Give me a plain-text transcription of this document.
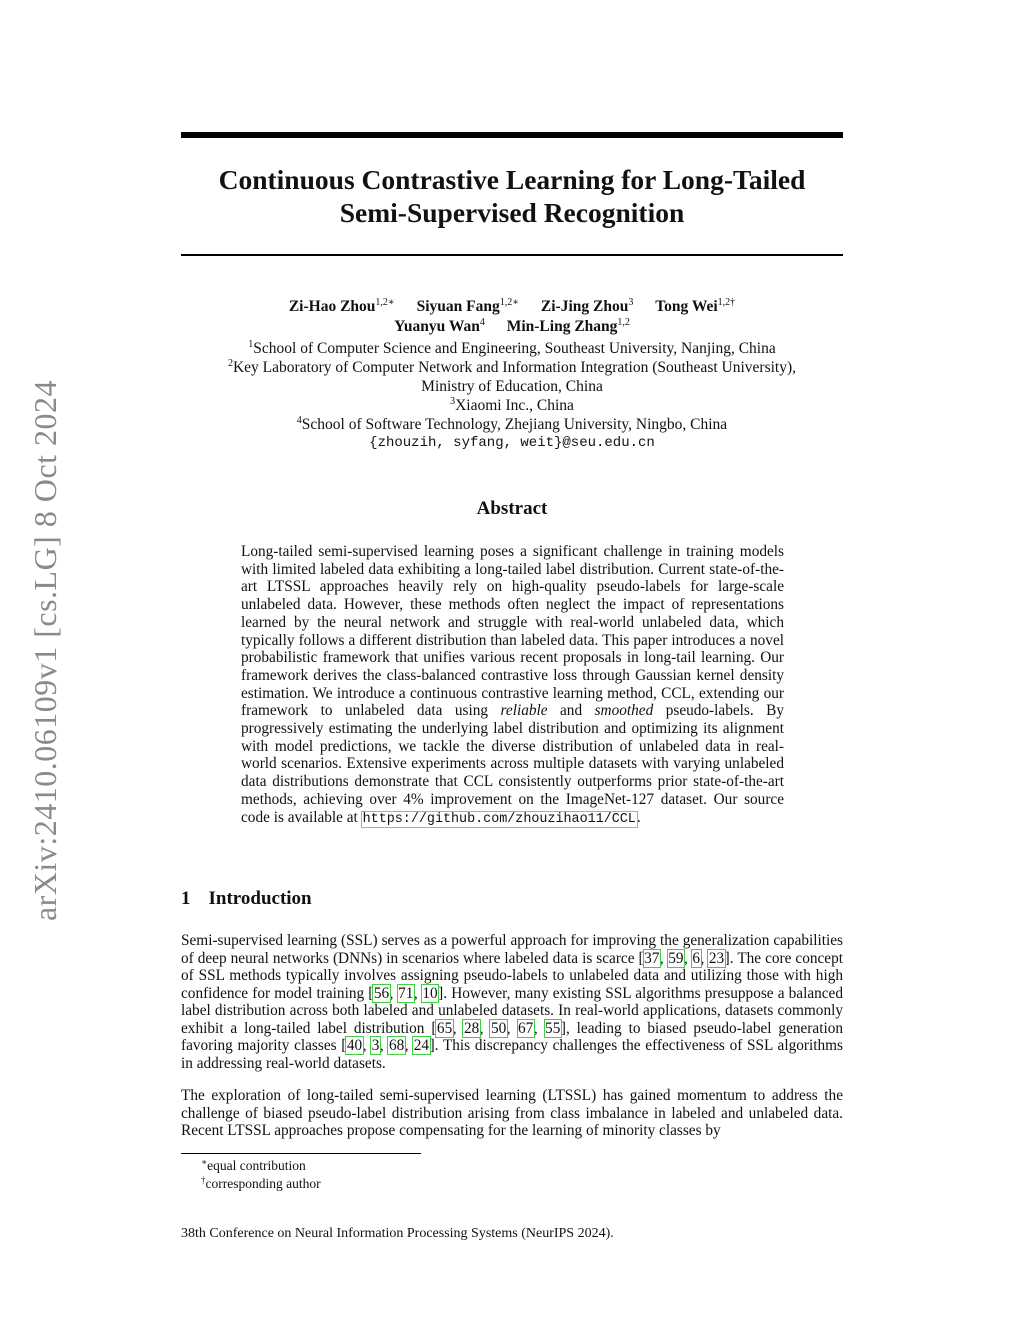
arXiv:2410.06109v1 [cs.LG] 8 Oct 2024
Continuous Contrastive Learning for Long-Tailed
Semi-Supervised Recognition
Zi-Hao Zhou$^{1,2∗}$ Siyuan Fang$^{1,2∗}$ Zi-Jing Zhou$^3$ Tong Wei$^{1,2\dagger}$
Yuanyu Wan$^4$ Min-Ling Zhang$^{1,2}$
$^1$School of Computer Science and Engineering, Southeast University, Nanjing, China
$^2$Key Laboratory of Computer Network and Information Integration (Southeast University),
Ministry of Education, China
$^3$Xiaomi Inc., China
$^4$School of Software Technology, Zhejiang University, Ningbo, China
{zhouzih, syfang, weit}@seu.edu.cn
Abstract
Long-tailed semi-supervised learning poses a significant challenge in training models with limited labeled data exhibiting a long-tailed label distribution. Current state-of-the-art LTSSL approaches heavily rely on high-quality pseudo-labels for large-scale unlabeled data. However, these methods often neglect the impact of representations learned by the neural network and struggle with real-world unlabeled data, which typically follows a different distribution than labeled data. This paper introduces a novel probabilistic framework that unifies various recent proposals in long-tail learning. Our framework derives the class-balanced contrastive loss through Gaussian kernel density estimation. We introduce a continuous contrastive learning method, CCL, extending our framework to unlabeled data using reliable and smoothed pseudo-labels. By progressively estimating the underlying label distribution and optimizing its alignment with model predictions, we tackle the diverse distribution of unlabeled data in real-world scenarios. Extensive experiments across multiple datasets with varying unlabeled data distributions demonstrate that CCL consistently outperforms prior state-of-the-art methods, achieving over 4% improvement on the ImageNet-127 dataset. Our source code is available at https://github.com/zhouzihao11/CCL.
1 Introduction
Semi-supervised learning (SSL) serves as a powerful approach for improving the generalization capabilities of deep neural networks (DNNs) in scenarios where labeled data is scarce [37, 59, 6, 23]. The core concept of SSL methods typically involves assigning pseudo-labels to unlabeled data and utilizing those with high confidence for model training [56, 71, 10]. However, many existing SSL algorithms presuppose a balanced label distribution across both labeled and unlabeled datasets. In real-world applications, datasets commonly exhibit a long-tailed label distribution [65, 28, 50, 67, 55], leading to biased pseudo-label generation favoring majority classes [40, 3, 68, 24]. This discrepancy challenges the effectiveness of SSL algorithms in addressing real-world datasets.
The exploration of long-tailed semi-supervised learning (LTSSL) has gained momentum to address the challenge of biased pseudo-label distribution arising from class imbalance in labeled and unlabeled data. Recent LTSSL approaches propose compensating for the learning of minority classes by
∗equal contribution
†corresponding author
38th Conference on Neural Information Processing Systems (NeurIPS 2024).
